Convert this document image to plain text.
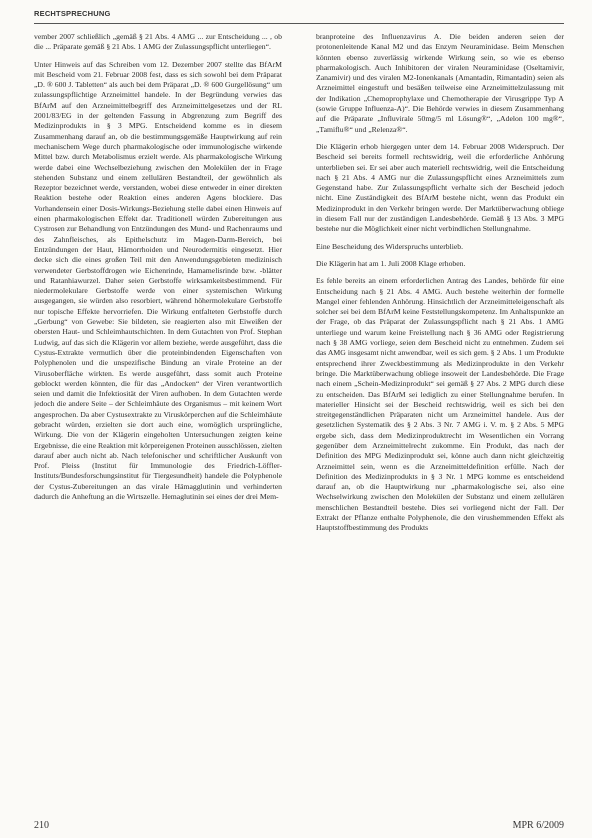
RECHTSPRECHUNG

vember 2007 schließlich „gemäß § 21 Abs. 4 AMG ... zur Entscheidung ... , ob die ... Präparate gemäß § 21 Abs. 1 AMG der Zulassungspflicht unterliegen“.

Unter Hinweis auf das Schreiben vom 12. Dezember 2007 stellte das BfArM mit Bescheid vom 21. Februar 2008 fest, dass es sich sowohl bei dem Präparat „D. ® 600 J. Tabletten“ als auch bei dem Präparat „D. ® 600 Gurgellösung“ um zulassungspflichtige Arzneimittel handele. In der Begründung verwies das BfArM auf den Arzneimittelbegriff des Arzneimittelgesetzes und der RL 2001/83/EG in der geltenden Fassung in Abgrenzung zum Begriff des Medizinprodukts in § 3 MPG. Entscheidend komme es in diesem Zusammenhang darauf an, ob die bestimmungsgemäße Hauptwirkung auf rein mechanischem Wege durch pharmakologische oder immunologische wirkende Mittel bzw. durch Metabolismus erzielt werde. Als pharmakologische Wirkung werde dabei eine Wechselbeziehung zwischen den Molekülen der in Frage stehenden Substanz und einem zellulären Bestandteil, der gewöhnlich als Rezeptor bezeichnet werde, verstanden, wobei diese entweder in einer direkten Reaktion bestehe oder Reaktion eines anderen Agens blockiere. Das Vorhandensein einer Dosis-Wirkungs-Beziehung stelle dabei einen Hinweis auf einen pharmakologischen Effekt dar. Traditionell würden Zubereitungen aus Cystrosen zur Behandlung von Entzündungen des Mund- und Rachenraums und des Zahnfleisches, als Epithelschutz im Magen-Darm-Bereich, bei Entzündungen der Haut, Hämorrhoiden und Neurodermitis eingesetzt. Hier decke sich die eines großen Teil mit den Anwendungsgebieten medizinisch verwendeter Gerbstoffdrogen wie Eichenrinde, Hamamelisrinde bzw. -blätter und Ratanhiawurzel. Daher seien Gerbstoffe wirksamkeitsbestimmend. Für niedermolekulare Gerbstoffe werde von einer systemischen Wirkung ausgegangen, sie würden also resorbiert, während höhermolekulare Gerbstoffe nur topische Effekte hervorriefen. Die Wirkung entfalteten Gerbstoffe durch „Gerbung“ von Gewebe: Sie bildeten, sie reagierten also mit Eiweißen der obersten Haut- und Schleimhautschichten. In dem Gutachten von Prof. Stephan Ludwig, auf das sich die Klägerin vor allem beziehe, werde ausgeführt, dass die Cystus-Extrakte vermutlich über die proteinbindenden Eigenschaften von Polyphenolen und die unspezifische Bindung an virale Proteine an der Virusoberfläche wirkten. Es werde ausgeführt, dass somit auch Proteine geblockt werden könnten, die für das „Andocken“ der Viren verantwortlich seien und damit die Infektiosität der Viren aufhoben. In dem Gutachten werde jedoch die andere Seite – der Schleimhäute des Organismus – mit keinem Wort angesprochen. Da aber Cystusextrakte zu Viruskörperchen auf die Schleimhäute gebracht würden, erzielten sie dort auch eine, womöglich ursprüngliche, Wirkung. Die von der Klägerin eingeholten Untersuchungen zeigten keine Ergebnisse, die eine Reaktion mit körpereigenen Proteinen ausschlössen, zielten darauf aber auch nicht ab. Nach telefonischer und schriftlicher Auskunft von Prof. Pleiss (Institut für Immunologie des Friedrich-Löffler-Instituts/Bundesforschungsinstitut für Tiergesundheit) handele die Polyphenole der Cystus-Zubereitungen an das virale Hämagglutinin und verhinderten dadurch die Anheftung an die Wirtszelle. Hemaglutinin sei eines der drei Mem-

branproteine des Influenzavirus A. Die beiden anderen seien der protonenleitende Kanal M2 und das Enzym Neuraminidase. Beim Menschen könnten ebenso zuverlässig wirkende Wirkung sein, so wie es ebenso pharmakologisch. Auch Inhibitoren der viralen Neuraminidase (Oseltamivir, Zanamivir) und des viralen M2-Ionenkanals (Amantadin, Rimantadin) seien als Arzneimittel eingestuft und besäßen teilweise eine Arzneimittelzulassung mit der Indikation „Chemoprophylaxe und Chemotherapie der Virusgrippe Typ A (sowie Gruppe Influenza-A)“. Die Behörde verwies in diesem Zusammenhang auf die Präparate „Influvirale 50mg/5 ml Lösung®“, „Adelon 100 mg®“, „Tamiflu®“ und „Relenza®“.

Die Klägerin erhob hiergegen unter dem 14. Februar 2008 Widerspruch. Der Bescheid sei bereits formell rechtswidrig, weil die erforderliche Anhörung unterblieben sei. Er sei aber auch materiell rechtswidrig, weil die Entscheidung nach § 21 Abs. 4 AMG nur die Zulassungspflicht eines Arzneimittels zum Gegenstand habe. Zur Zulassungspflicht verhalte sich der Bescheid jedoch nicht. Eine Zuständigkeit des BfArM bestehe nicht, wenn das Produkt ein Medizinprodukt in den Verkehr bringen werde. Der Marktüberwachung obliege in diesem Fall nur der zuständigen Landesbehörde. Gemäß § 13 Abs. 3 MPG bestehe nur die Möglichkeit einer nicht verbindlichen Stellungnahme.

Eine Bescheidung des Widerspruchs unterblieb.

Die Klägerin hat am 1. Juli 2008 Klage erhoben.

Es fehle bereits an einem erforderlichen Antrag des Landes, behörde für eine Entscheidung nach § 21 Abs. 4 AMG. Auch bestehe weiterhin der formelle Mangel einer fehlenden Anhörung. Hinsichtlich der Arzneimitteleigenschaft als solcher sei bei dem BfArM keine Feststellungskompetenz. Im Anhaltspunkte an der Frage, ob das Präparat der Zulassungspflicht nach § 21 Abs. 1 AMG unterliege und warum keine Freistellung nach § 36 AMG oder Registrierung nach § 38 AMG vorliege, seien dem Bescheid nicht zu entnehmen. Zudem sei das AMG insgesamt nicht anwendbar, weil es sich gem. § 2 Abs. 1 um Produkte entsprechend ihrer Zweckbestimmung als Medizinprodukte in den Verkehr bringe. Die Marktüberwachung obliege insoweit der Landesbehörde. Die Frage nach einem „Schein-Medizinprodukt“ sei gemäß § 27 Abs. 2 MPG durch diese zu entscheiden. Das BfArM sei lediglich zu einer Stellungnahme berufen. In materieller Hinsicht sei der Bescheid rechtswidrig, weil es sich bei den streitgegenständlichen Präparaten nicht um Arzneimittel handele. Aus der gesetzlichen Systematik des § 2 Abs. 3 Nr. 7 AMG i. V. m. § 2 Abs. 5 MPG ergebe sich, dass dem Medizinproduktrecht im Wesentlichen ein Vorrang gegenüber dem Arzneimittelrecht zukomme. Ein Produkt, das nach der Definition des MPG Medizinprodukt sei, könne auch dann nicht gleichzeitig Arzneimittel sein, wenn es die Arzneimitteldefinition erfülle. Nach der Definition des Medizinprodukts in § 3 Nr. 1 MPG komme es entscheidend darauf an, ob die Hauptwirkung nur „pharmakologische sei, also eine Wechselwirkung zwischen den Molekülen der Substanz und einem zellulären menschlichen Bestandteil bestehe. Dies sei vorliegend nicht der Fall. Der Extrakt der Pflanze enthalte Polyphenole, die den virushemmenden Effekt als Hauptstoffbestimmung des Produkts

210	MPR 6/2009
